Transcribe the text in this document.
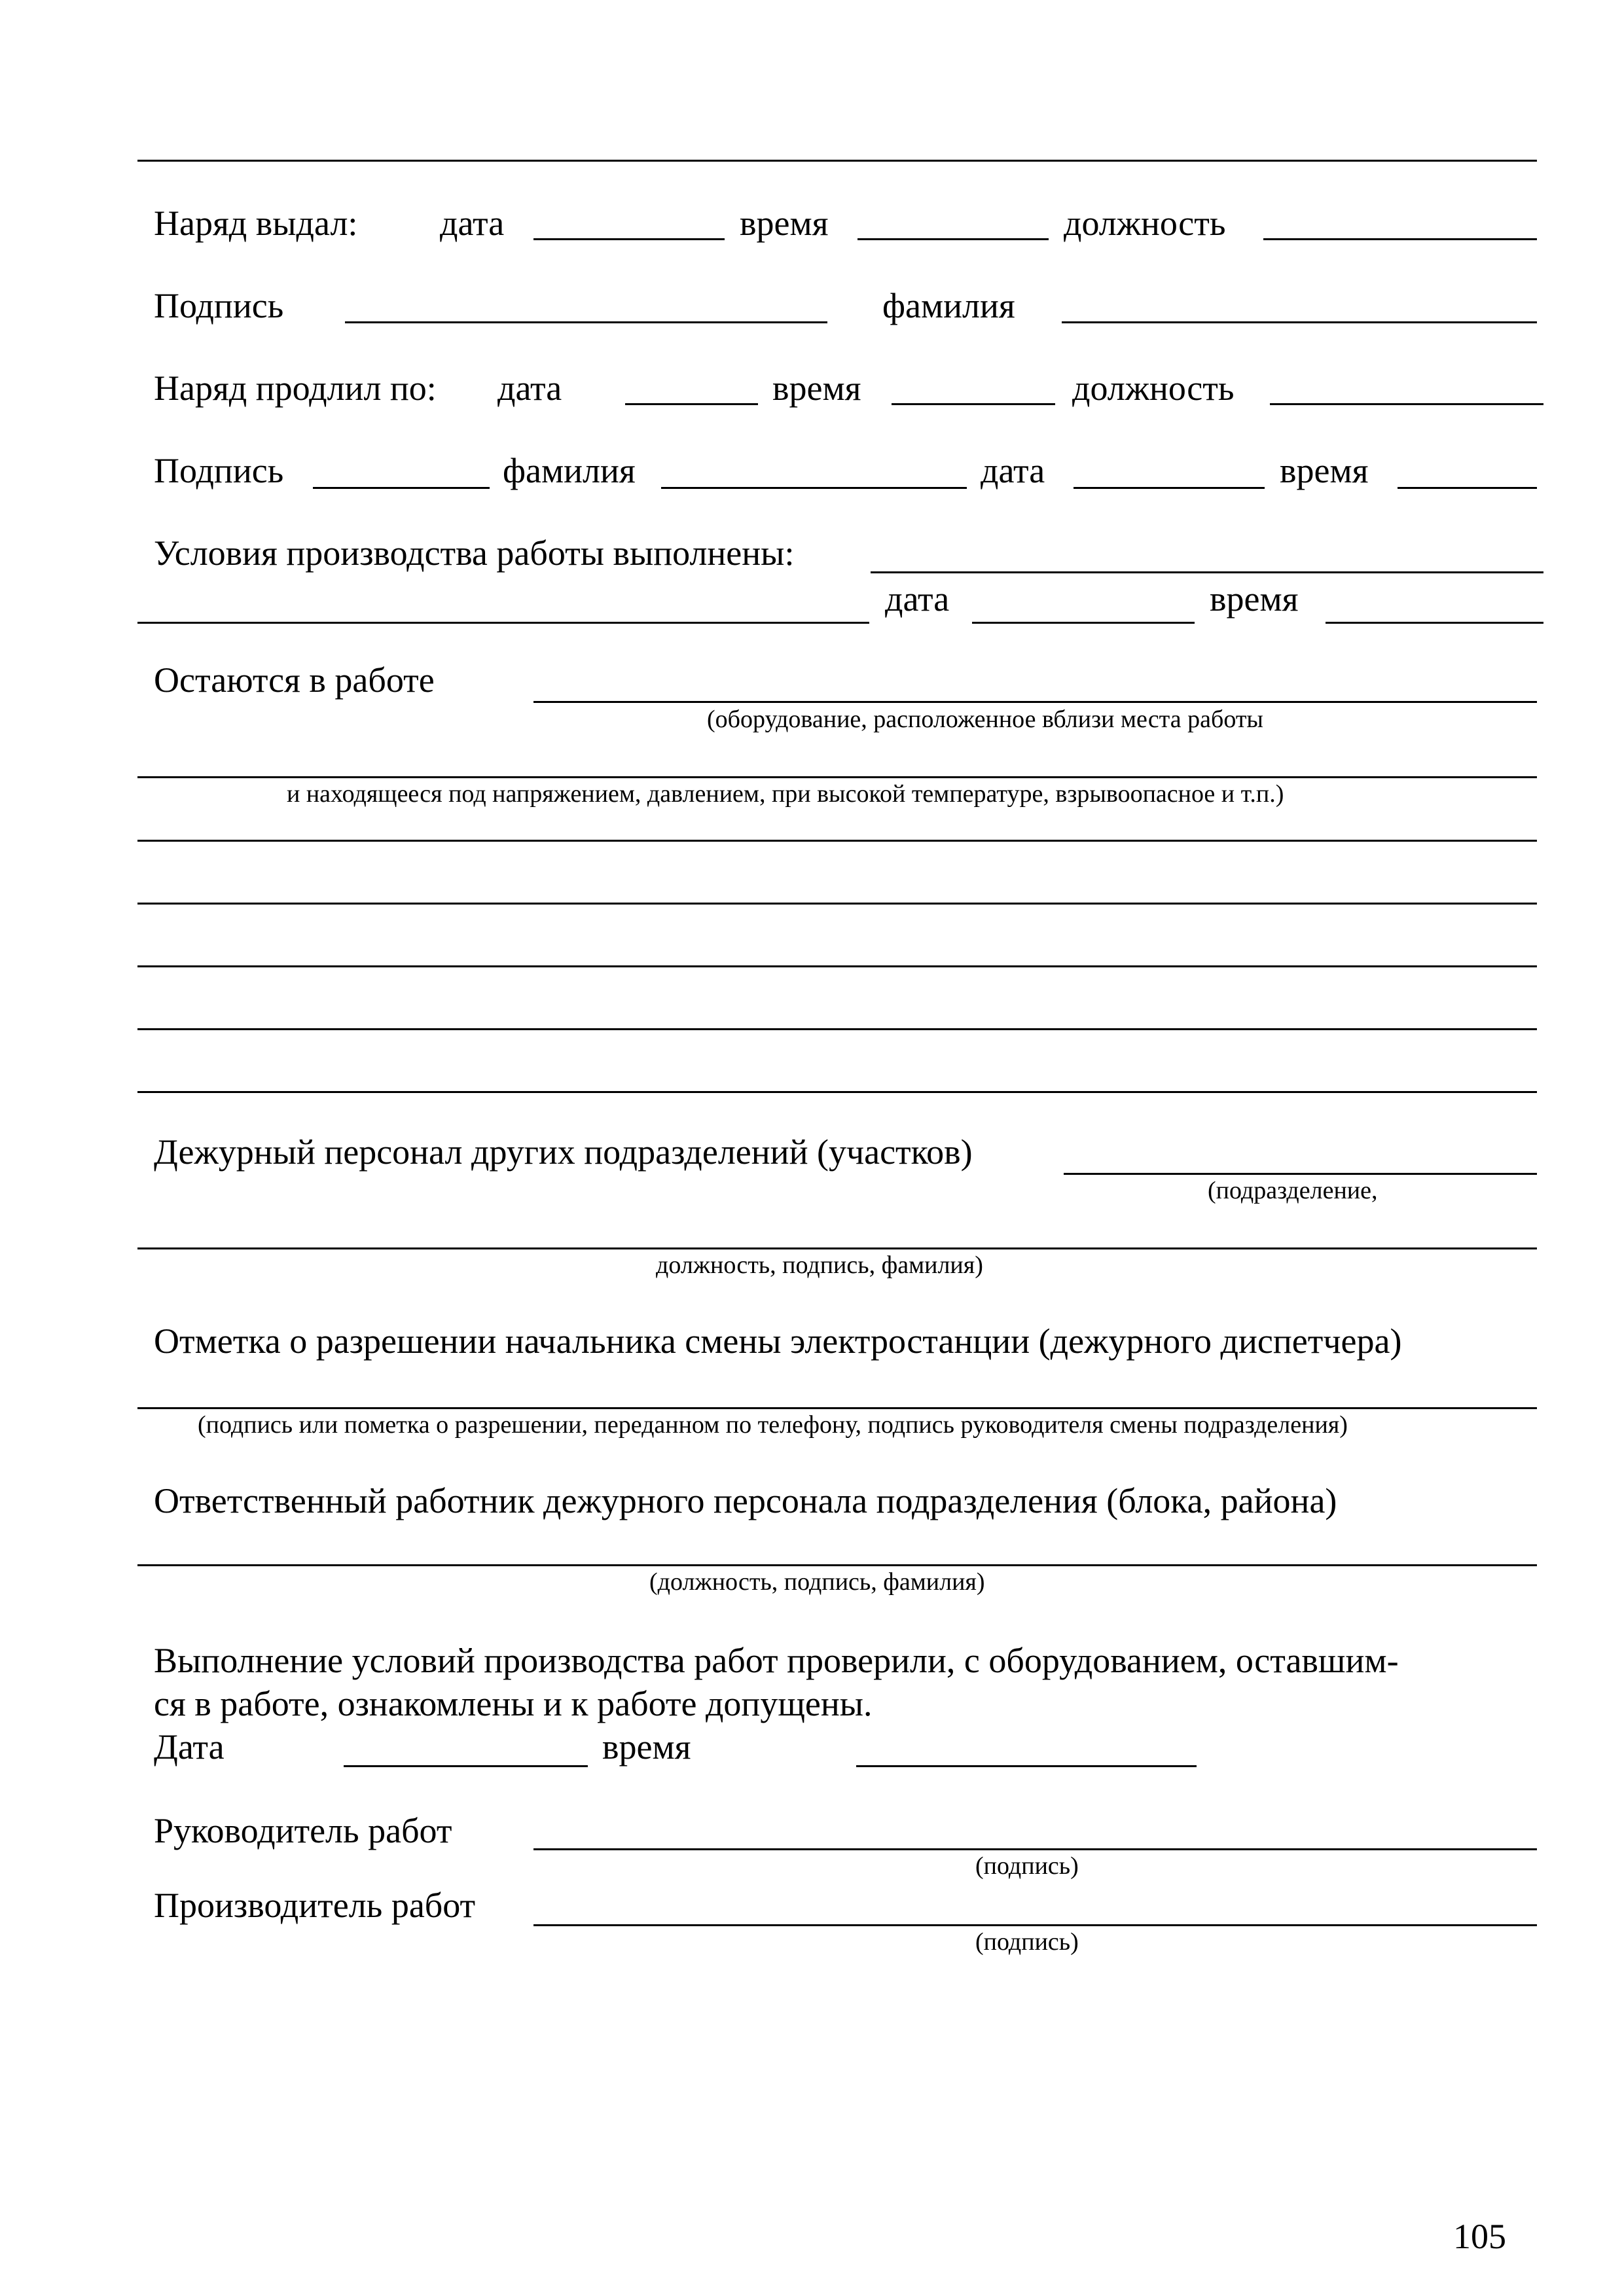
Наряд выдал: дата	время	должность
Подпись	фамилия
Наряд продлил по: дата	время	должность
Подпись	фамилия	дата	время
Условия производства работы выполнены:
дата	время
Остаются в работе
(оборудование, расположенное вблизи места работы
и находящееся под напряжением, давлением, при высокой температуре, взрывоопасное и т.п.)
Дежурный персонал других подразделений (участков)
(подразделение,
должность, подпись, фамилия)
Отметка о разрешении начальника смены электростанции (дежурного диспетчера)
(подпись или пометка о разрешении, переданном по телефону, подпись руководителя смены подразделения)
Ответственный работник дежурного персонала подразделения (блока, района)
(должность, подпись, фамилия)
Выполнение условий производства работ проверили, с оборудованием, оставшим-
ся в работе, ознакомлены и к работе допущены.
Дата	время
Руководитель работ
(подпись)
Производитель работ
(подпись)
105
